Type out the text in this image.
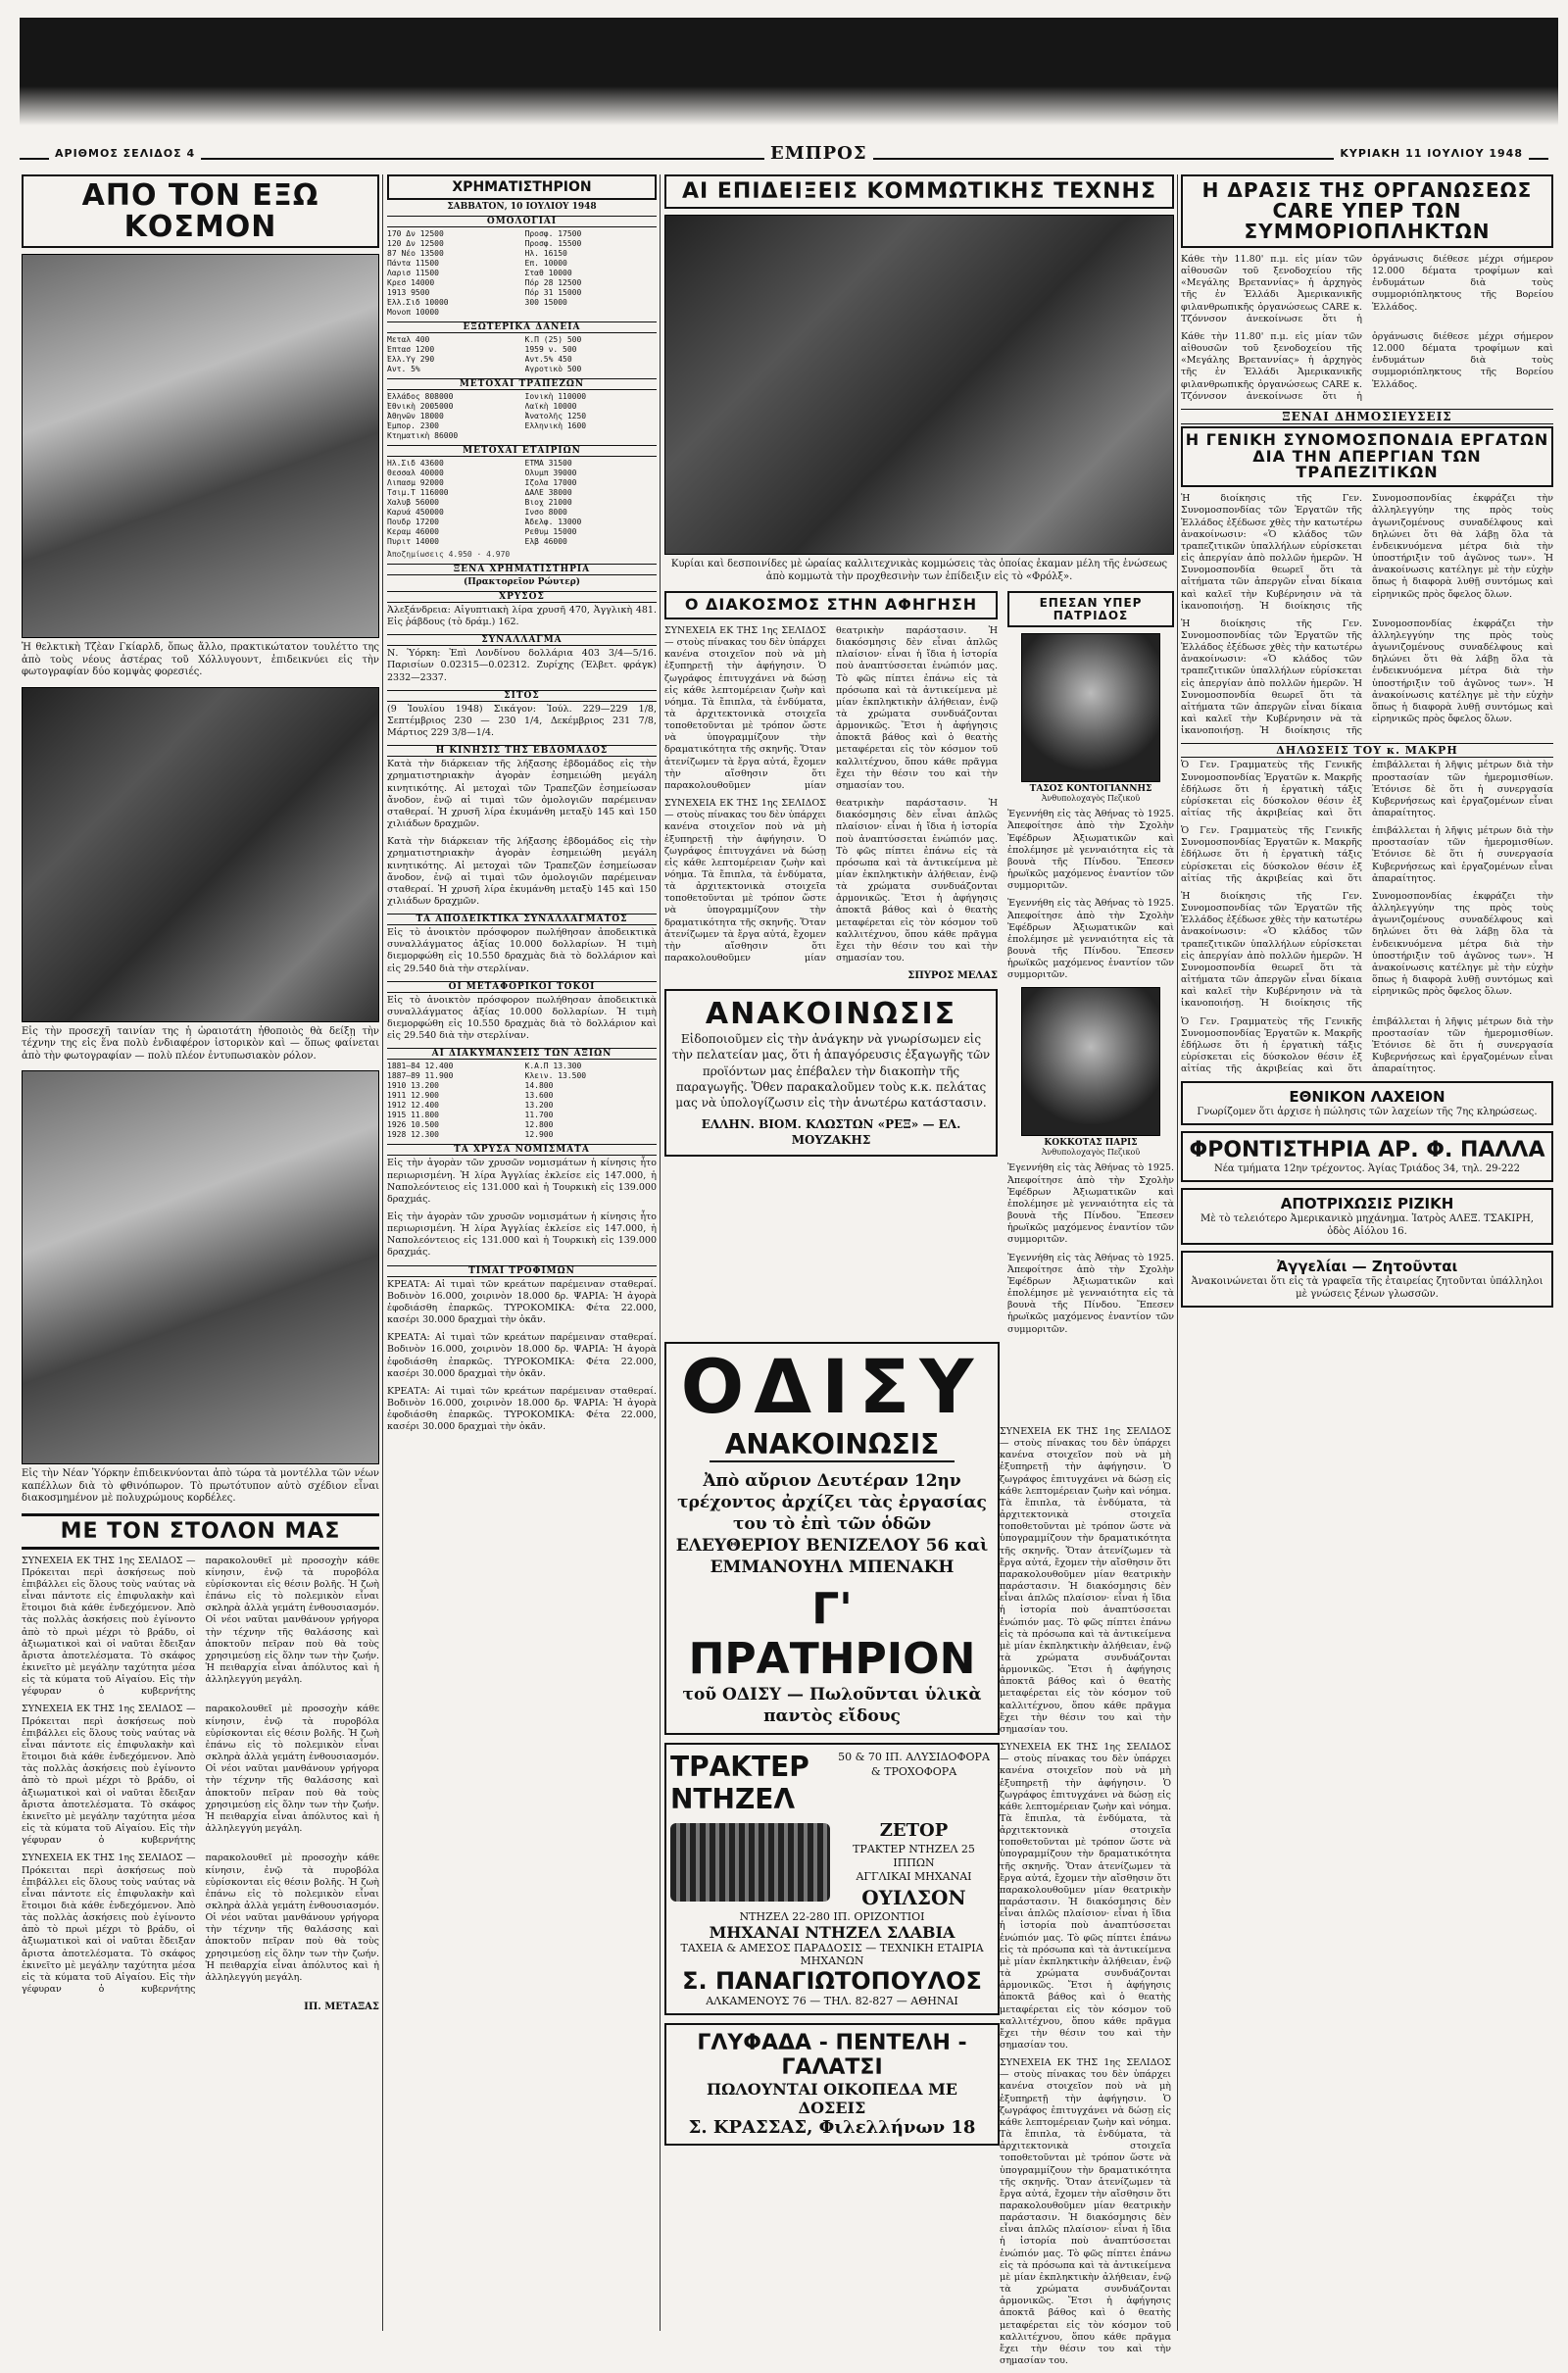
ΑΡΙΘΜΟΣ ΣΕΛΙΔΟΣ 4	ΕΜΠΡΟΣ	ΚΥΡΙΑΚΗ 11 ΙΟΥΛΙΟΥ 1948
ΑΠΟ ΤΟΝ ΕΞΩ ΚΟΣΜΟΝ

Ἡ θελκτικὴ Τζὲαν Γκίαρλδ, ὅπως ἄλλο, πρακτικώτατον τουλέττο της ἀπὸ τοὺς νέους ἀστέρας τοῦ Χόλλυγουντ, ἐπιδεικνύει εἰς τὴν φωτογραφίαν δύο κομψὰς φορεσιές.

Εἰς τὴν προσεχῆ ταινίαν της ἡ ὡραιοτάτη ἠθοποιὸς θὰ δείξῃ τὴν τέχνην της εἰς ἕνα πολὺ ἐνδιαφέρον ἱστορικὸν καὶ — ὅπως φαίνεται ἀπὸ τὴν φωτογραφίαν — πολὺ πλέον ἐντυπωσιακὸν ρόλον.

Εἰς τὴν Νέαν Ὑόρκην ἐπιδεικνύονται ἀπὸ τώρα τὰ μοντέλλα τῶν νέων καπέλλων διὰ τὸ φθινόπωρον. Τὸ πρωτότυπον αὐτὸ σχέδιον εἶναι διακοσμημένον μὲ πολυχρώμους κορδέλες.

ΜΕ ΤΟΝ ΣΤΟΛΟΝ ΜΑΣ

ΣΥΝΕΧΕΙΑ ΕΚ ΤΗΣ 1ης ΣΕΛΙΔΟΣ — Πρόκειται περὶ ἀσκήσεως ποὺ ἐπιβάλλει εἰς ὅλους τοὺς ναύτας νὰ εἶναι πάντοτε εἰς ἐπιφυλακὴν καὶ ἕτοιμοι διὰ κάθε ἐνδεχόμενον. Ἀπὸ τὰς πολλὰς ἀσκήσεις ποὺ ἐγίνοντο ἀπὸ τὸ πρωὶ μέχρι τὸ βράδυ, οἱ ἀξιωματικοὶ καὶ οἱ ναῦται ἔδειξαν ἄριστα ἀποτελέσματα. Τὸ σκάφος ἐκινεῖτο μὲ μεγάλην ταχύτητα μέσα εἰς τὰ κύματα τοῦ Αἰγαίου. Εἰς τὴν γέφυραν ὁ κυβερνήτης παρακολουθεῖ μὲ προσοχὴν κάθε κίνησιν, ἐνῷ τὰ πυροβόλα εὑρίσκονται εἰς θέσιν βολῆς. Ἡ ζωὴ ἐπάνω εἰς τὸ πολεμικὸν εἶναι σκληρὰ ἀλλὰ γεμάτη ἐνθουσιασμόν. Οἱ νέοι ναῦται μανθάνουν γρήγορα τὴν τέχνην τῆς θαλάσσης καὶ ἀποκτοῦν πεῖραν ποὺ θὰ τοὺς χρησιμεύσῃ εἰς ὅλην των τὴν ζωήν. Ἡ πειθαρχία εἶναι ἀπόλυτος καὶ ἡ ἀλληλεγγύη μεγάλη.

ΣΥΝΕΧΕΙΑ ΕΚ ΤΗΣ 1ης ΣΕΛΙΔΟΣ — Πρόκειται περὶ ἀσκήσεως ποὺ ἐπιβάλλει εἰς ὅλους τοὺς ναύτας νὰ εἶναι πάντοτε εἰς ἐπιφυλακὴν καὶ ἕτοιμοι διὰ κάθε ἐνδεχόμενον. Ἀπὸ τὰς πολλὰς ἀσκήσεις ποὺ ἐγίνοντο ἀπὸ τὸ πρωὶ μέχρι τὸ βράδυ, οἱ ἀξιωματικοὶ καὶ οἱ ναῦται ἔδειξαν ἄριστα ἀποτελέσματα. Τὸ σκάφος ἐκινεῖτο μὲ μεγάλην ταχύτητα μέσα εἰς τὰ κύματα τοῦ Αἰγαίου. Εἰς τὴν γέφυραν ὁ κυβερνήτης παρακολουθεῖ μὲ προσοχὴν κάθε κίνησιν, ἐνῷ τὰ πυροβόλα εὑρίσκονται εἰς θέσιν βολῆς. Ἡ ζωὴ ἐπάνω εἰς τὸ πολεμικὸν εἶναι σκληρὰ ἀλλὰ γεμάτη ἐνθουσιασμόν. Οἱ νέοι ναῦται μανθάνουν γρήγορα τὴν τέχνην τῆς θαλάσσης καὶ ἀποκτοῦν πεῖραν ποὺ θὰ τοὺς χρησιμεύσῃ εἰς ὅλην των τὴν ζωήν. Ἡ πειθαρχία εἶναι ἀπόλυτος καὶ ἡ ἀλληλεγγύη μεγάλη.

ΣΥΝΕΧΕΙΑ ΕΚ ΤΗΣ 1ης ΣΕΛΙΔΟΣ — Πρόκειται περὶ ἀσκήσεως ποὺ ἐπιβάλλει εἰς ὅλους τοὺς ναύτας νὰ εἶναι πάντοτε εἰς ἐπιφυλακὴν καὶ ἕτοιμοι διὰ κάθε ἐνδεχόμενον. Ἀπὸ τὰς πολλὰς ἀσκήσεις ποὺ ἐγίνοντο ἀπὸ τὸ πρωὶ μέχρι τὸ βράδυ, οἱ ἀξιωματικοὶ καὶ οἱ ναῦται ἔδειξαν ἄριστα ἀποτελέσματα. Τὸ σκάφος ἐκινεῖτο μὲ μεγάλην ταχύτητα μέσα εἰς τὰ κύματα τοῦ Αἰγαίου. Εἰς τὴν γέφυραν ὁ κυβερνήτης παρακολουθεῖ μὲ προσοχὴν κάθε κίνησιν, ἐνῷ τὰ πυροβόλα εὑρίσκονται εἰς θέσιν βολῆς. Ἡ ζωὴ ἐπάνω εἰς τὸ πολεμικὸν εἶναι σκληρὰ ἀλλὰ γεμάτη ἐνθουσιασμόν. Οἱ νέοι ναῦται μανθάνουν γρήγορα τὴν τέχνην τῆς θαλάσσης καὶ ἀποκτοῦν πεῖραν ποὺ θὰ τοὺς χρησιμεύσῃ εἰς ὅλην των τὴν ζωήν. Ἡ πειθαρχία εἶναι ἀπόλυτος καὶ ἡ ἀλληλεγγύη μεγάλη.

ΙΠ. ΜΕΤΑΞΑΣ
ΧΡΗΜΑΤΙΣΤΗΡΙΟΝ
ΣΑΒΒΑΤΟΝ, 10 ΙΟΥΛΙΟΥ 1948
ΟΜΟΛΟΓΙΑΙ
170 Δν 12500
120 Δν 12500
87 Νέο 13500
Πάντα 11500
Λαρισ 11500
Κρεσ 14000
1913 9500
Ἑλλ.Σιδ 10000
Μονοπ 10000
Προσφ. 17500
Προσφ. 15500
Ἠλ. 16150
Ἐπ. 10000
Σταθ 10000
Πόρ 28 12500
Πόρ 31 15000
300 15000
ΕΞΩΤΕΡΙΚΑ ΔΑΝΕΙΑ
Μεταλ 400
Ἑπτασ 1200
Ἑλλ.Υγ 290
Αντ. 5%
Κ.Π (25) 500
1959 ν. 500
Αντ.5% 450
Αγροτικὸ 500
ΜΕΤΟΧΑΙ ΤΡΑΠΕΖΩΝ
Ἑλλάδος 808000
Ἐθνικὴ 2005000
Ἀθηνῶν 18000
Ἐμπορ. 2300
Κτηματικὴ 86000
Ἰονικὴ 110000
Λαϊκὴ 10000
Ἀνατολῆς 1250
Ἑλληνικὴ 1600
ΜΕΤΟΧΑΙ ΕΤΑΙΡΙΩΝ
Ἠλ.Σιδ 43600
Θεσσαλ 40000
Λιπασμ 92000
Τσιμ.Τ 116000
Χαλυβ 56000
Καρυά 450000
Πουδρ 17200
Κεραμ 46000
Πυριτ 14000
ΕΤΜΑ 31500
Ὀλυμπ 39000
Ἰζολα 17000
ΔΑΛΕ 38000
Βιοχ 21000
Ἰνσο 8000
Ἀδελφ. 13000
Ρεθυμ 15000
Ἐλβ 46000
Ἀποζημίωσεις 4.950 · 4.970
ΞΕΝΑ ΧΡΗΜΑΤΙΣΤΗΡΙΑ
(Πρακτορεῖον Ρώυτερ)
ΧΡΥΣΟΣ

Ἀλεξάνδρεια: Αἰγυπτιακὴ λίρα χρυσῆ 470, Ἀγγλικὴ 481. Εἰς ῥάβδους (τὸ δράμ.) 162.

ΣΥΝΑΛΛΑΓΜΑ

Ν. Ὑόρκη: Ἐπὶ Λονδίνου δολλάρια 403 3/4—5/16. Παρισίων 0.02315—0.02312. Ζυρίχης (Ἐλβετ. φράγκ) 2332—2337.

ΣΙΤΟΣ

(9 Ἰουλίου 1948) Σικάγον: Ἰούλ. 229—229 1/8, Σεπτέμβριος 230 — 230 1/4, Δεκέμβριος 231 7/8, Μάρτιος 229 3/8—1/4.

Η ΚΙΝΗΣΙΣ ΤΗΣ ΕΒΔΟΜΑΔΟΣ

Κατὰ τὴν διάρκειαν τῆς λήξασης ἑβδομάδος εἰς τὴν χρηματιστηριακὴν ἀγορὰν ἐσημειώθη μεγάλη κινητικότης. Αἱ μετοχαὶ τῶν Τραπεζῶν ἐσημείωσαν ἄνοδον, ἐνῷ αἱ τιμαὶ τῶν ὁμολογιῶν παρέμειναν σταθεραί. Ἡ χρυσῆ λίρα ἐκυμάνθη μεταξὺ 145 καὶ 150 χιλιάδων δραχμῶν.

Κατὰ τὴν διάρκειαν τῆς λήξασης ἑβδομάδος εἰς τὴν χρηματιστηριακὴν ἀγορὰν ἐσημειώθη μεγάλη κινητικότης. Αἱ μετοχαὶ τῶν Τραπεζῶν ἐσημείωσαν ἄνοδον, ἐνῷ αἱ τιμαὶ τῶν ὁμολογιῶν παρέμειναν σταθεραί. Ἡ χρυσῆ λίρα ἐκυμάνθη μεταξὺ 145 καὶ 150 χιλιάδων δραχμῶν.

ΤΑ ΑΠΟΔΕΙΚΤΙΚΑ ΣΥΝΑΛΛΑΓΜΑΤΟΣ

Εἰς τὸ ἀνοικτὸν πρόσφορον πωλήθησαν ἀποδεικτικὰ συναλλάγματος ἀξίας 10.000 δολλαρίων. Ἡ τιμὴ διεμορφώθη εἰς 10.550 δραχμὰς διὰ τὸ δολλάριον καὶ εἰς 29.540 διὰ τὴν στερλίναν.

ΟΙ ΜΕΤΑΦΟΡΙΚΟΙ ΤΟΚΟΙ

Εἰς τὸ ἀνοικτὸν πρόσφορον πωλήθησαν ἀποδεικτικὰ συναλλάγματος ἀξίας 10.000 δολλαρίων. Ἡ τιμὴ διεμορφώθη εἰς 10.550 δραχμὰς διὰ τὸ δολλάριον καὶ εἰς 29.540 διὰ τὴν στερλίναν.

ΑΙ ΔΙΑΚΥΜΑΝΣΕΙΣ ΤΩΝ ΑΞΙΩΝ
1881—84 12.400
1887—89 11.900
1910 13.200
1911 12.900
1912 12.400
1915 11.800
1926 10.500
1928 12.300
Κ.Α.Π 13.300
Κλειν. 13.500
14.800
13.600
13.200
11.700
12.800
12.900
ΤΑ ΧΡΥΣΑ ΝΟΜΙΣΜΑΤΑ

Εἰς τὴν ἀγορὰν τῶν χρυσῶν νομισμάτων ἡ κίνησις ἦτο περιωρισμένη. Ἡ λίρα Ἀγγλίας ἐκλείσε εἰς 147.000, ἡ Ναπολεόντειος εἰς 131.000 καὶ ἡ Τουρκικὴ εἰς 139.000 δραχμάς.

Εἰς τὴν ἀγορὰν τῶν χρυσῶν νομισμάτων ἡ κίνησις ἦτο περιωρισμένη. Ἡ λίρα Ἀγγλίας ἐκλείσε εἰς 147.000, ἡ Ναπολεόντειος εἰς 131.000 καὶ ἡ Τουρκικὴ εἰς 139.000 δραχμάς.

ΤΙΜΑΙ ΤΡΟΦΙΜΩΝ

ΚΡΕΑΤΑ: Αἱ τιμαὶ τῶν κρεάτων παρέμειναν σταθεραί. Βοδινὸν 16.000, χοιρινὸν 18.000 δρ. ΨΑΡΙΑ: Ἡ ἀγορὰ ἐφοδιάσθη ἐπαρκῶς. ΤΥΡΟΚΟΜΙΚΑ: Φέτα 22.000, κασέρι 30.000 δραχμαὶ τὴν ὀκᾶν.

ΚΡΕΑΤΑ: Αἱ τιμαὶ τῶν κρεάτων παρέμειναν σταθεραί. Βοδινὸν 16.000, χοιρινὸν 18.000 δρ. ΨΑΡΙΑ: Ἡ ἀγορὰ ἐφοδιάσθη ἐπαρκῶς. ΤΥΡΟΚΟΜΙΚΑ: Φέτα 22.000, κασέρι 30.000 δραχμαὶ τὴν ὀκᾶν.

ΚΡΕΑΤΑ: Αἱ τιμαὶ τῶν κρεάτων παρέμειναν σταθεραί. Βοδινὸν 16.000, χοιρινὸν 18.000 δρ. ΨΑΡΙΑ: Ἡ ἀγορὰ ἐφοδιάσθη ἐπαρκῶς. ΤΥΡΟΚΟΜΙΚΑ: Φέτα 22.000, κασέρι 30.000 δραχμαὶ τὴν ὀκᾶν.

ΑΙ ΕΠΙΔΕΙΞΕΙΣ ΚΟΜΜΩΤΙΚΗΣ ΤΕΧΝΗΣ

Κυρίαι καὶ δεσποινίδες μὲ ὡραίας καλλιτεχνικὰς κομμώσεις τὰς ὁποίας ἐκαμαν μέλη τῆς ἑνώσεως ἀπὸ κομμωτὰ τὴν προχθεσινὴν των ἐπίδειξιν εἰς τὸ «Φρόλξ».

Ο ΔΙΑΚΟΣΜΟΣ ΣΤΗΝ ΑΦΗΓΗΣΗ

ΣΥΝΕΧΕΙΑ ΕΚ ΤΗΣ 1ης ΣΕΛΙΔΟΣ — στοὺς πίνακας του δὲν ὑπάρχει κανένα στοιχεῖον ποὺ νὰ μὴ ἐξυπηρετῇ τὴν ἀφήγησιν. Ὁ ζωγράφος ἐπιτυγχάνει νὰ δώσῃ εἰς κάθε λεπτομέρειαν ζωὴν καὶ νόημα. Τὰ ἔπιπλα, τὰ ἐνδύματα, τὰ ἀρχιτεκτονικὰ στοιχεῖα τοποθετοῦνται μὲ τρόπον ὥστε νὰ ὑπογραμμίζουν τὴν δραματικότητα τῆς σκηνῆς. Ὅταν ἀτενίζωμεν τὰ ἔργα αὐτά, ἔχομεν τὴν αἴσθησιν ὅτι παρακολουθοῦμεν μίαν θεατρικὴν παράστασιν. Ἡ διακόσμησις δὲν εἶναι ἁπλῶς πλαίσιον· εἶναι ἡ ἴδια ἡ ἱστορία ποὺ ἀναπτύσσεται ἐνώπιόν μας. Τὸ φῶς πίπτει ἐπάνω εἰς τὰ πρόσωπα καὶ τὰ ἀντικείμενα μὲ μίαν ἐκπληκτικὴν ἀλήθειαν, ἐνῷ τὰ χρώματα συνδυάζονται ἁρμονικῶς. Ἔτσι ἡ ἀφήγησις ἀποκτᾶ βάθος καὶ ὁ θεατὴς μεταφέρεται εἰς τὸν κόσμον τοῦ καλλιτέχνου, ὅπου κάθε πρᾶγμα ἔχει τὴν θέσιν του καὶ τὴν σημασίαν του.

ΣΥΝΕΧΕΙΑ ΕΚ ΤΗΣ 1ης ΣΕΛΙΔΟΣ — στοὺς πίνακας του δὲν ὑπάρχει κανένα στοιχεῖον ποὺ νὰ μὴ ἐξυπηρετῇ τὴν ἀφήγησιν. Ὁ ζωγράφος ἐπιτυγχάνει νὰ δώσῃ εἰς κάθε λεπτομέρειαν ζωὴν καὶ νόημα. Τὰ ἔπιπλα, τὰ ἐνδύματα, τὰ ἀρχιτεκτονικὰ στοιχεῖα τοποθετοῦνται μὲ τρόπον ὥστε νὰ ὑπογραμμίζουν τὴν δραματικότητα τῆς σκηνῆς. Ὅταν ἀτενίζωμεν τὰ ἔργα αὐτά, ἔχομεν τὴν αἴσθησιν ὅτι παρακολουθοῦμεν μίαν θεατρικὴν παράστασιν. Ἡ διακόσμησις δὲν εἶναι ἁπλῶς πλαίσιον· εἶναι ἡ ἴδια ἡ ἱστορία ποὺ ἀναπτύσσεται ἐνώπιόν μας. Τὸ φῶς πίπτει ἐπάνω εἰς τὰ πρόσωπα καὶ τὰ ἀντικείμενα μὲ μίαν ἐκπληκτικὴν ἀλήθειαν, ἐνῷ τὰ χρώματα συνδυάζονται ἁρμονικῶς. Ἔτσι ἡ ἀφήγησις ἀποκτᾶ βάθος καὶ ὁ θεατὴς μεταφέρεται εἰς τὸν κόσμον τοῦ καλλιτέχνου, ὅπου κάθε πρᾶγμα ἔχει τὴν θέσιν του καὶ τὴν σημασίαν του.

ΣΠΥΡΟΣ ΜΕΛΑΣ
ΑΝΑΚΟΙΝΩΣΙΣ
Εἰδοποιοῦμεν εἰς τὴν ἀνάγκην νὰ γνωρίσωμεν εἰς τὴν πελατείαν μας, ὅτι ἡ ἀπαγόρευσις ἐξαγωγῆς τῶν προϊόντων μας ἐπέβαλεν τὴν διακοπὴν τῆς παραγωγῆς. Ὅθεν παρακαλοῦμεν τοὺς κ.κ. πελάτας μας νὰ ὑπολογίζωσιν εἰς τὴν ἀνωτέρω κατάστασιν.
ΕΛΛΗΝ. ΒΙΟΜ. ΚΛΩΣΤΩΝ «ΡΕΞ» — ΕΛ. ΜΟΥΖΑΚΗΣ
ΕΠΕΣΑΝ ΥΠΕΡ ΠΑΤΡΙΔΟΣ
ΤΑΣΟΣ ΚΟΝΤΟΓΙΑΝΝΗΣ
Ἀνθυπολοχαγὸς Πεζικοῦ

Ἐγεννήθη εἰς τὰς Ἀθήνας τὸ 1925. Ἀπεφοίτησε ἀπὸ τὴν Σχολὴν Ἐφέδρων Ἀξιωματικῶν καὶ ἐπολέμησε μὲ γενναιότητα εἰς τὰ βουνὰ τῆς Πίνδου. Ἔπεσεν ἡρωϊκῶς μαχόμενος ἐναντίον τῶν συμμοριτῶν.

Ἐγεννήθη εἰς τὰς Ἀθήνας τὸ 1925. Ἀπεφοίτησε ἀπὸ τὴν Σχολὴν Ἐφέδρων Ἀξιωματικῶν καὶ ἐπολέμησε μὲ γενναιότητα εἰς τὰ βουνὰ τῆς Πίνδου. Ἔπεσεν ἡρωϊκῶς μαχόμενος ἐναντίον τῶν συμμοριτῶν.

ΚΟΚΚΟΤΑΣ ΠΑΡΙΣ
Ἀνθυπολοχαγὸς Πεζικοῦ

Ἐγεννήθη εἰς τὰς Ἀθήνας τὸ 1925. Ἀπεφοίτησε ἀπὸ τὴν Σχολὴν Ἐφέδρων Ἀξιωματικῶν καὶ ἐπολέμησε μὲ γενναιότητα εἰς τὰ βουνὰ τῆς Πίνδου. Ἔπεσεν ἡρωϊκῶς μαχόμενος ἐναντίον τῶν συμμοριτῶν.

Ἐγεννήθη εἰς τὰς Ἀθήνας τὸ 1925. Ἀπεφοίτησε ἀπὸ τὴν Σχολὴν Ἐφέδρων Ἀξιωματικῶν καὶ ἐπολέμησε μὲ γενναιότητα εἰς τὰ βουνὰ τῆς Πίνδου. Ἔπεσεν ἡρωϊκῶς μαχόμενος ἐναντίον τῶν συμμοριτῶν.

ΟΔΙΣΥ
ΑΝΑΚΟΙΝΩΣΙΣ
Ἀπὸ αὔριον Δευτέραν 12ην τρέχοντος ἀρχίζει τὰς ἐργασίας του τὸ ἐπὶ τῶν ὁδῶν ΕΛΕΥΘΕΡΙΟΥ ΒΕΝΙΖΕΛΟΥ 56 καὶ ΕΜΜΑΝΟΥΗΛ ΜΠΕΝΑΚΗ
Γ' ΠΡΑΤΗΡΙΟΝ
τοῦ ΟΔΙΣΥ — Πωλοῦνται ὑλικὰ παντὸς εἴδους
ΤΡΑΚΤΕΡ ΝΤΗΖΕΛ
50 & 70 ΙΠ. ΑΛΥΣΙΔΟΦΟΡΑ & ΤΡΟΧΟΦΟΡΑ
ΖΕΤΟΡ
ΤΡΑΚΤΕΡ ΝΤΗΖΕΛ 25 ΙΠΠΩΝ
ΑΓΓΛΙΚΑΙ ΜΗΧΑΝΑΙ
ΟΥΙΛΣΟΝ
ΝΤΗΖΕΛ 22-280 ΙΠ. ΟΡΙΖΟΝΤΙΟΙ
ΜΗΧΑΝΑΙ ΝΤΗΖΕΛ ΣΛΑΒΙΑ
ΤΑΧΕΙΑ & ΑΜΕΣΟΣ ΠΑΡΑΔΟΣΙΣ — ΤΕΧΝΙΚΗ ΕΤΑΙΡΙΑ ΜΗΧΑΝΩΝ
Σ. ΠΑΝΑΓΙΩΤΟΠΟΥΛΟΣ
ΑΛΚΑΜΕΝΟΥΣ 76 — ΤΗΛ. 82-827 — ΑΘΗΝΑΙ
ΓΛΥΦΑΔΑ - ΠΕΝΤΕΛΗ - ΓΑΛΑΤΣΙ
ΠΩΛΟΥΝΤΑΙ ΟΙΚΟΠΕΔΑ ΜΕ ΔΟΣΕΙΣ
Σ. ΚΡΑΣΣΑΣ, Φιλελλήνων 18

ΣΥΝΕΧΕΙΑ ΕΚ ΤΗΣ 1ης ΣΕΛΙΔΟΣ — στοὺς πίνακας του δὲν ὑπάρχει κανένα στοιχεῖον ποὺ νὰ μὴ ἐξυπηρετῇ τὴν ἀφήγησιν. Ὁ ζωγράφος ἐπιτυγχάνει νὰ δώσῃ εἰς κάθε λεπτομέρειαν ζωὴν καὶ νόημα. Τὰ ἔπιπλα, τὰ ἐνδύματα, τὰ ἀρχιτεκτονικὰ στοιχεῖα τοποθετοῦνται μὲ τρόπον ὥστε νὰ ὑπογραμμίζουν τὴν δραματικότητα τῆς σκηνῆς. Ὅταν ἀτενίζωμεν τὰ ἔργα αὐτά, ἔχομεν τὴν αἴσθησιν ὅτι παρακολουθοῦμεν μίαν θεατρικὴν παράστασιν. Ἡ διακόσμησις δὲν εἶναι ἁπλῶς πλαίσιον· εἶναι ἡ ἴδια ἡ ἱστορία ποὺ ἀναπτύσσεται ἐνώπιόν μας. Τὸ φῶς πίπτει ἐπάνω εἰς τὰ πρόσωπα καὶ τὰ ἀντικείμενα μὲ μίαν ἐκπληκτικὴν ἀλήθειαν, ἐνῷ τὰ χρώματα συνδυάζονται ἁρμονικῶς. Ἔτσι ἡ ἀφήγησις ἀποκτᾶ βάθος καὶ ὁ θεατὴς μεταφέρεται εἰς τὸν κόσμον τοῦ καλλιτέχνου, ὅπου κάθε πρᾶγμα ἔχει τὴν θέσιν του καὶ τὴν σημασίαν του.

ΣΥΝΕΧΕΙΑ ΕΚ ΤΗΣ 1ης ΣΕΛΙΔΟΣ — στοὺς πίνακας του δὲν ὑπάρχει κανένα στοιχεῖον ποὺ νὰ μὴ ἐξυπηρετῇ τὴν ἀφήγησιν. Ὁ ζωγράφος ἐπιτυγχάνει νὰ δώσῃ εἰς κάθε λεπτομέρειαν ζωὴν καὶ νόημα. Τὰ ἔπιπλα, τὰ ἐνδύματα, τὰ ἀρχιτεκτονικὰ στοιχεῖα τοποθετοῦνται μὲ τρόπον ὥστε νὰ ὑπογραμμίζουν τὴν δραματικότητα τῆς σκηνῆς. Ὅταν ἀτενίζωμεν τὰ ἔργα αὐτά, ἔχομεν τὴν αἴσθησιν ὅτι παρακολουθοῦμεν μίαν θεατρικὴν παράστασιν. Ἡ διακόσμησις δὲν εἶναι ἁπλῶς πλαίσιον· εἶναι ἡ ἴδια ἡ ἱστορία ποὺ ἀναπτύσσεται ἐνώπιόν μας. Τὸ φῶς πίπτει ἐπάνω εἰς τὰ πρόσωπα καὶ τὰ ἀντικείμενα μὲ μίαν ἐκπληκτικὴν ἀλήθειαν, ἐνῷ τὰ χρώματα συνδυάζονται ἁρμονικῶς. Ἔτσι ἡ ἀφήγησις ἀποκτᾶ βάθος καὶ ὁ θεατὴς μεταφέρεται εἰς τὸν κόσμον τοῦ καλλιτέχνου, ὅπου κάθε πρᾶγμα ἔχει τὴν θέσιν του καὶ τὴν σημασίαν του.

ΣΥΝΕΧΕΙΑ ΕΚ ΤΗΣ 1ης ΣΕΛΙΔΟΣ — στοὺς πίνακας του δὲν ὑπάρχει κανένα στοιχεῖον ποὺ νὰ μὴ ἐξυπηρετῇ τὴν ἀφήγησιν. Ὁ ζωγράφος ἐπιτυγχάνει νὰ δώσῃ εἰς κάθε λεπτομέρειαν ζωὴν καὶ νόημα. Τὰ ἔπιπλα, τὰ ἐνδύματα, τὰ ἀρχιτεκτονικὰ στοιχεῖα τοποθετοῦνται μὲ τρόπον ὥστε νὰ ὑπογραμμίζουν τὴν δραματικότητα τῆς σκηνῆς. Ὅταν ἀτενίζωμεν τὰ ἔργα αὐτά, ἔχομεν τὴν αἴσθησιν ὅτι παρακολουθοῦμεν μίαν θεατρικὴν παράστασιν. Ἡ διακόσμησις δὲν εἶναι ἁπλῶς πλαίσιον· εἶναι ἡ ἴδια ἡ ἱστορία ποὺ ἀναπτύσσεται ἐνώπιόν μας. Τὸ φῶς πίπτει ἐπάνω εἰς τὰ πρόσωπα καὶ τὰ ἀντικείμενα μὲ μίαν ἐκπληκτικὴν ἀλήθειαν, ἐνῷ τὰ χρώματα συνδυάζονται ἁρμονικῶς. Ἔτσι ἡ ἀφήγησις ἀποκτᾶ βάθος καὶ ὁ θεατὴς μεταφέρεται εἰς τὸν κόσμον τοῦ καλλιτέχνου, ὅπου κάθε πρᾶγμα ἔχει τὴν θέσιν του καὶ τὴν σημασίαν του.

Η ΔΡΑΣΙΣ ΤΗΣ ΟΡΓΑΝΩΣΕΩΣ CARE ΥΠΕΡ ΤΩΝ ΣΥΜΜΟΡΙΟΠΛΗΚΤΩΝ

Κάθε τὴν 11.80' π.μ. εἰς μίαν τῶν αἰθουσῶν τοῦ ξενοδοχείου τῆς «Μεγάλης Βρεταννίας» ἡ ἀρχηγὸς τῆς ἐν Ἑλλάδι Ἀμερικανικῆς φιλανθρωπικῆς ὀργανώσεως CARE κ. Τζόννσον ἀνεκοίνωσε ὅτι ἡ ὀργάνωσις διέθεσε μέχρι σήμερον 12.000 δέματα τροφίμων καὶ ἐνδυμάτων διὰ τοὺς συμμοριόπληκτους τῆς Βορείου Ἑλλάδος.

Κάθε τὴν 11.80' π.μ. εἰς μίαν τῶν αἰθουσῶν τοῦ ξενοδοχείου τῆς «Μεγάλης Βρεταννίας» ἡ ἀρχηγὸς τῆς ἐν Ἑλλάδι Ἀμερικανικῆς φιλανθρωπικῆς ὀργανώσεως CARE κ. Τζόννσον ἀνεκοίνωσε ὅτι ἡ ὀργάνωσις διέθεσε μέχρι σήμερον 12.000 δέματα τροφίμων καὶ ἐνδυμάτων διὰ τοὺς συμμοριόπληκτους τῆς Βορείου Ἑλλάδος.

ΞΕΝΑΙ ΔΗΜΟΣΙΕΥΣΕΙΣ
Η ΓΕΝΙΚΗ ΣΥΝΟΜΟΣΠΟΝΔΙΑ ΕΡΓΑΤΩΝ ΔΙΑ ΤΗΝ ΑΠΕΡΓΙΑΝ ΤΩΝ ΤΡΑΠΕΖΙΤΙΚΩΝ

Ἡ διοίκησις τῆς Γεν. Συνομοσπονδίας τῶν Ἐργατῶν τῆς Ἑλλάδος ἐξέδωσε χθὲς τὴν κατωτέρω ἀνακοίνωσιν: «Ὁ κλάδος τῶν τραπεζιτικῶν ὑπαλλήλων εὑρίσκεται εἰς ἀπεργίαν ἀπὸ πολλῶν ἡμερῶν. Ἡ Συνομοσπονδία θεωρεῖ ὅτι τὰ αἰτήματα τῶν ἀπεργῶν εἶναι δίκαια καὶ καλεῖ τὴν Κυβέρνησιν νὰ τὰ ἱκανοποιήσῃ. Ἡ διοίκησις τῆς Συνομοσπονδίας ἐκφράζει τὴν ἀλληλεγγύην της πρὸς τοὺς ἀγωνιζομένους συναδέλφους καὶ δηλώνει ὅτι θὰ λάβῃ ὅλα τὰ ἐνδεικνυόμενα μέτρα διὰ τὴν ὑποστήριξιν τοῦ ἀγῶνος των». Ἡ ἀνακοίνωσις κατέληγε μὲ τὴν εὐχὴν ὅπως ἡ διαφορὰ λυθῇ συντόμως καὶ εἰρηνικῶς πρὸς ὄφελος ὅλων.

Ἡ διοίκησις τῆς Γεν. Συνομοσπονδίας τῶν Ἐργατῶν τῆς Ἑλλάδος ἐξέδωσε χθὲς τὴν κατωτέρω ἀνακοίνωσιν: «Ὁ κλάδος τῶν τραπεζιτικῶν ὑπαλλήλων εὑρίσκεται εἰς ἀπεργίαν ἀπὸ πολλῶν ἡμερῶν. Ἡ Συνομοσπονδία θεωρεῖ ὅτι τὰ αἰτήματα τῶν ἀπεργῶν εἶναι δίκαια καὶ καλεῖ τὴν Κυβέρνησιν νὰ τὰ ἱκανοποιήσῃ. Ἡ διοίκησις τῆς Συνομοσπονδίας ἐκφράζει τὴν ἀλληλεγγύην της πρὸς τοὺς ἀγωνιζομένους συναδέλφους καὶ δηλώνει ὅτι θὰ λάβῃ ὅλα τὰ ἐνδεικνυόμενα μέτρα διὰ τὴν ὑποστήριξιν τοῦ ἀγῶνος των». Ἡ ἀνακοίνωσις κατέληγε μὲ τὴν εὐχὴν ὅπως ἡ διαφορὰ λυθῇ συντόμως καὶ εἰρηνικῶς πρὸς ὄφελος ὅλων.

ΔΗΛΩΣΕΙΣ ΤΟΥ κ. ΜΑΚΡΗ

Ὁ Γεν. Γραμματεὺς τῆς Γενικῆς Συνομοσπονδίας Ἐργατῶν κ. Μακρῆς ἐδήλωσε ὅτι ἡ ἐργατικὴ τάξις εὑρίσκεται εἰς δύσκολον θέσιν ἐξ αἰτίας τῆς ἀκριβείας καὶ ὅτι ἐπιβάλλεται ἡ λῆψις μέτρων διὰ τὴν προστασίαν τῶν ἡμερομισθίων. Ἐτόνισε δὲ ὅτι ἡ συνεργασία Κυβερνήσεως καὶ ἐργαζομένων εἶναι ἀπαραίτητος.

Ὁ Γεν. Γραμματεὺς τῆς Γενικῆς Συνομοσπονδίας Ἐργατῶν κ. Μακρῆς ἐδήλωσε ὅτι ἡ ἐργατικὴ τάξις εὑρίσκεται εἰς δύσκολον θέσιν ἐξ αἰτίας τῆς ἀκριβείας καὶ ὅτι ἐπιβάλλεται ἡ λῆψις μέτρων διὰ τὴν προστασίαν τῶν ἡμερομισθίων. Ἐτόνισε δὲ ὅτι ἡ συνεργασία Κυβερνήσεως καὶ ἐργαζομένων εἶναι ἀπαραίτητος.

Ἡ διοίκησις τῆς Γεν. Συνομοσπονδίας τῶν Ἐργατῶν τῆς Ἑλλάδος ἐξέδωσε χθὲς τὴν κατωτέρω ἀνακοίνωσιν: «Ὁ κλάδος τῶν τραπεζιτικῶν ὑπαλλήλων εὑρίσκεται εἰς ἀπεργίαν ἀπὸ πολλῶν ἡμερῶν. Ἡ Συνομοσπονδία θεωρεῖ ὅτι τὰ αἰτήματα τῶν ἀπεργῶν εἶναι δίκαια καὶ καλεῖ τὴν Κυβέρνησιν νὰ τὰ ἱκανοποιήσῃ. Ἡ διοίκησις τῆς Συνομοσπονδίας ἐκφράζει τὴν ἀλληλεγγύην της πρὸς τοὺς ἀγωνιζομένους συναδέλφους καὶ δηλώνει ὅτι θὰ λάβῃ ὅλα τὰ ἐνδεικνυόμενα μέτρα διὰ τὴν ὑποστήριξιν τοῦ ἀγῶνος των». Ἡ ἀνακοίνωσις κατέληγε μὲ τὴν εὐχὴν ὅπως ἡ διαφορὰ λυθῇ συντόμως καὶ εἰρηνικῶς πρὸς ὄφελος ὅλων.

Ὁ Γεν. Γραμματεὺς τῆς Γενικῆς Συνομοσπονδίας Ἐργατῶν κ. Μακρῆς ἐδήλωσε ὅτι ἡ ἐργατικὴ τάξις εὑρίσκεται εἰς δύσκολον θέσιν ἐξ αἰτίας τῆς ἀκριβείας καὶ ὅτι ἐπιβάλλεται ἡ λῆψις μέτρων διὰ τὴν προστασίαν τῶν ἡμερομισθίων. Ἐτόνισε δὲ ὅτι ἡ συνεργασία Κυβερνήσεως καὶ ἐργαζομένων εἶναι ἀπαραίτητος.

ΕΘΝΙΚΟΝ ΛΑΧΕΙΟΝ
Γνωρίζομεν ὅτι ἀρχισε ἡ πώλησις τῶν λαχείων τῆς 7ης κληρώσεως.
ΦΡΟΝΤΙΣΤΗΡΙΑ ΑΡ. Φ. ΠΑΛΛΑ
Νέα τμήματα 12ην τρέχοντος. Ἀγίας Τριάδος 34, τηλ. 29-222
ΑΠΟΤΡΙΧΩΣΙΣ ΡΙΖΙΚΗ
Μὲ τὸ τελειότερο Ἀμερικανικὸ μηχάνημα. Ἰατρὸς ΑΛΕΞ. ΤΣΑΚΙΡΗ, ὁδὸς Αἰόλου 16.
Ἀγγελίαι — Ζητοῦνται
Ἀνακοινώνεται ὅτι εἰς τὰ γραφεῖα τῆς ἐταιρείας ζητοῦνται ὑπάλληλοι μὲ γνώσεις ξένων γλωσσῶν.
